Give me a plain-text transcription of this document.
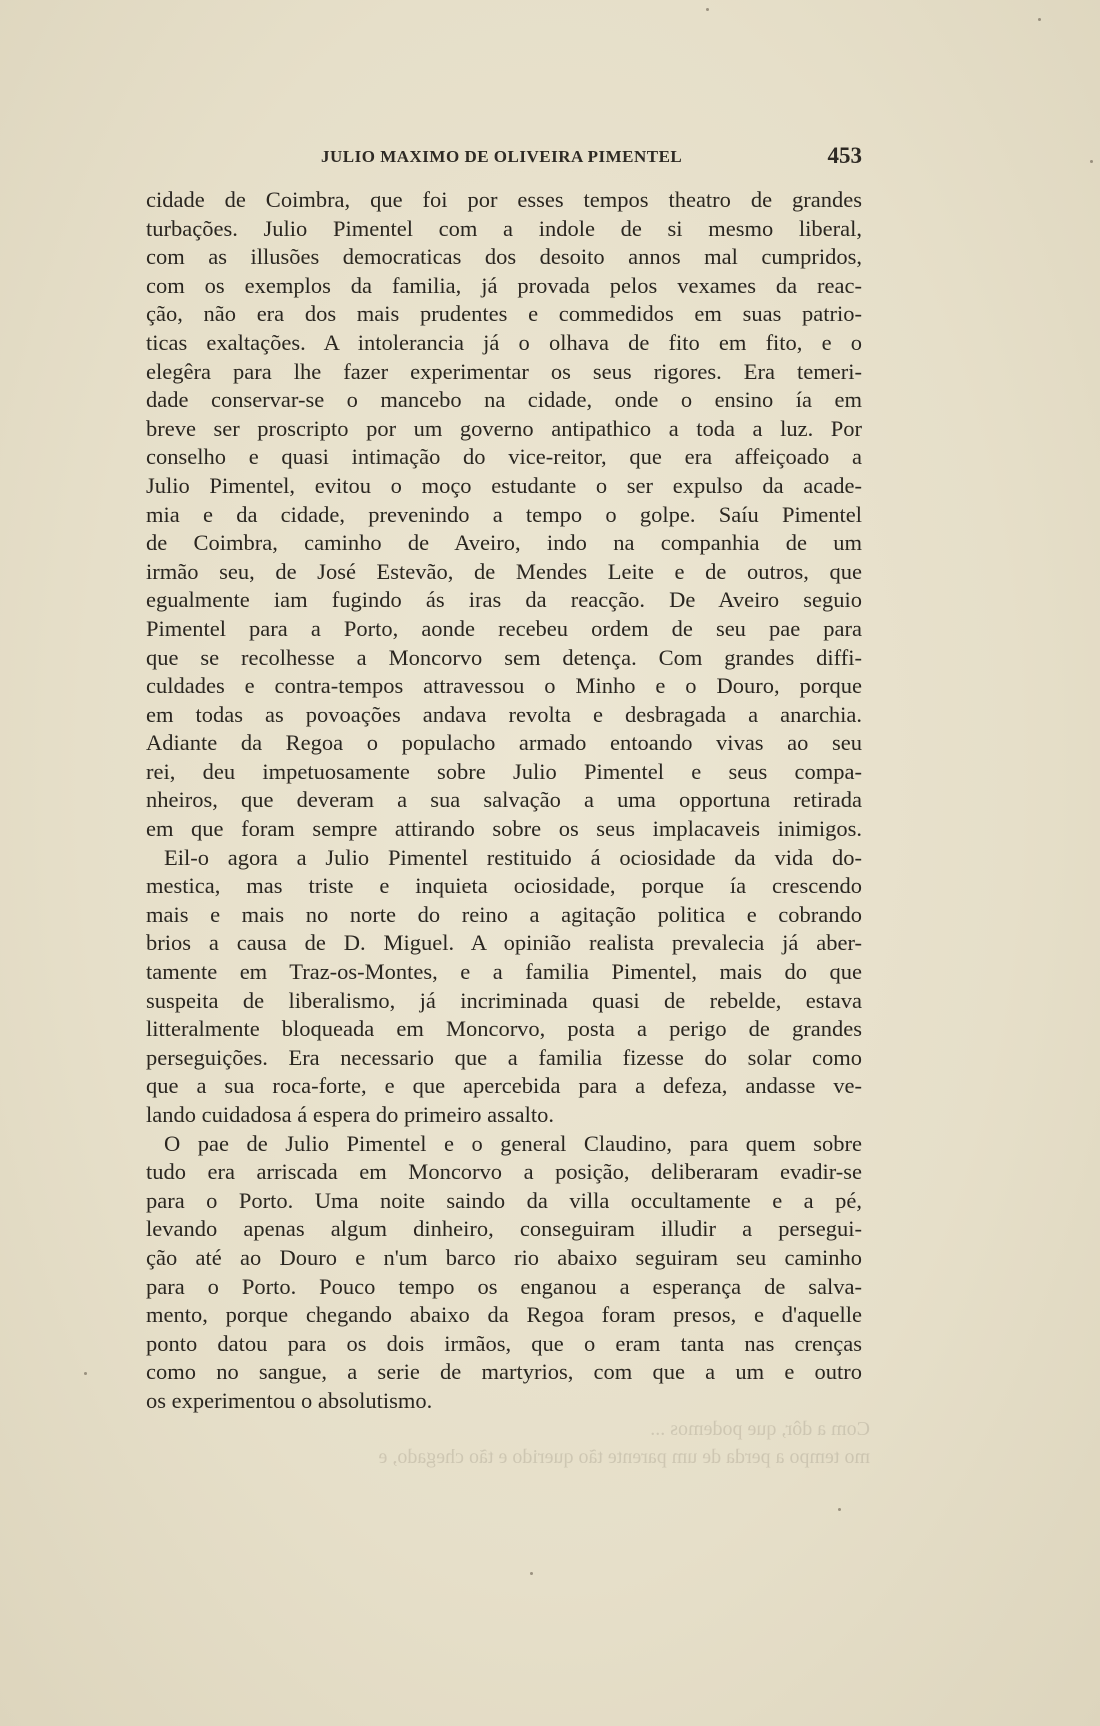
JULIO MAXIMO DE OLIVEIRA PIMENTEL	453
cidade de Coimbra, que foi por esses tempos theatro de grandes
turbações. Julio Pimentel com a indole de si mesmo liberal,
com as illusões democraticas dos desoito annos mal cumpridos,
com os exemplos da familia, já provada pelos vexames da reac-
ção, não era dos mais prudentes e commedidos em suas patrio-
ticas exaltações. A intolerancia já o olhava de fito em fito, e o
elegêra para lhe fazer experimentar os seus rigores. Era temeri-
dade conservar-se o mancebo na cidade, onde o ensino ía em
breve ser proscripto por um governo antipathico a toda a luz. Por
conselho e quasi intimação do vice-reitor, que era affeiçoado a
Julio Pimentel, evitou o moço estudante o ser expulso da acade-
mia e da cidade, prevenindo a tempo o golpe. Saíu Pimentel
de Coimbra, caminho de Aveiro, indo na companhia de um
irmão seu, de José Estevão, de Mendes Leite e de outros, que
egualmente iam fugindo ás iras da reacção. De Aveiro seguio
Pimentel para a Porto, aonde recebeu ordem de seu pae para
que se recolhesse a Moncorvo sem detença. Com grandes diffi-
culdades e contra-tempos attravessou o Minho e o Douro, porque
em todas as povoações andava revolta e desbragada a anarchia.
Adiante da Regoa o populacho armado entoando vivas ao seu
rei, deu impetuosamente sobre Julio Pimentel e seus compa-
nheiros, que deveram a sua salvação a uma opportuna retirada
em que foram sempre attirando sobre os seus implacaveis inimigos.
Eil-o agora a Julio Pimentel restituido á ociosidade da vida do-
mestica, mas triste e inquieta ociosidade, porque ía crescendo
mais e mais no norte do reino a agitação politica e cobrando
brios a causa de D. Miguel. A opinião realista prevalecia já aber-
tamente em Traz-os-Montes, e a familia Pimentel, mais do que
suspeita de liberalismo, já incriminada quasi de rebelde, estava
litteralmente bloqueada em Moncorvo, posta a perigo de grandes
perseguições. Era necessario que a familia fizesse do solar como
que a sua roca-forte, e que apercebida para a defeza, andasse ve-
lando cuidadosa á espera do primeiro assalto.
O pae de Julio Pimentel e o general Claudino, para quem sobre
tudo era arriscada em Moncorvo a posição, deliberaram evadir-se
para o Porto. Uma noite saindo da villa occultamente e a pé,
levando apenas algum dinheiro, conseguiram illudir a persegui-
ção até ao Douro e n'um barco rio abaixo seguiram seu caminho
para o Porto. Pouco tempo os enganou a esperança de salva-
mento, porque chegando abaixo da Regoa foram presos, e d'aquelle
ponto datou para os dois irmãos, que o eram tanta nas crenças
como no sangue, a serie de martyrios, com que a um e outro
os experimentou o absolutismo.
Com a dôr, que podemos ...
mo tempo a perda de um parente tão querido e tão chegado, e
